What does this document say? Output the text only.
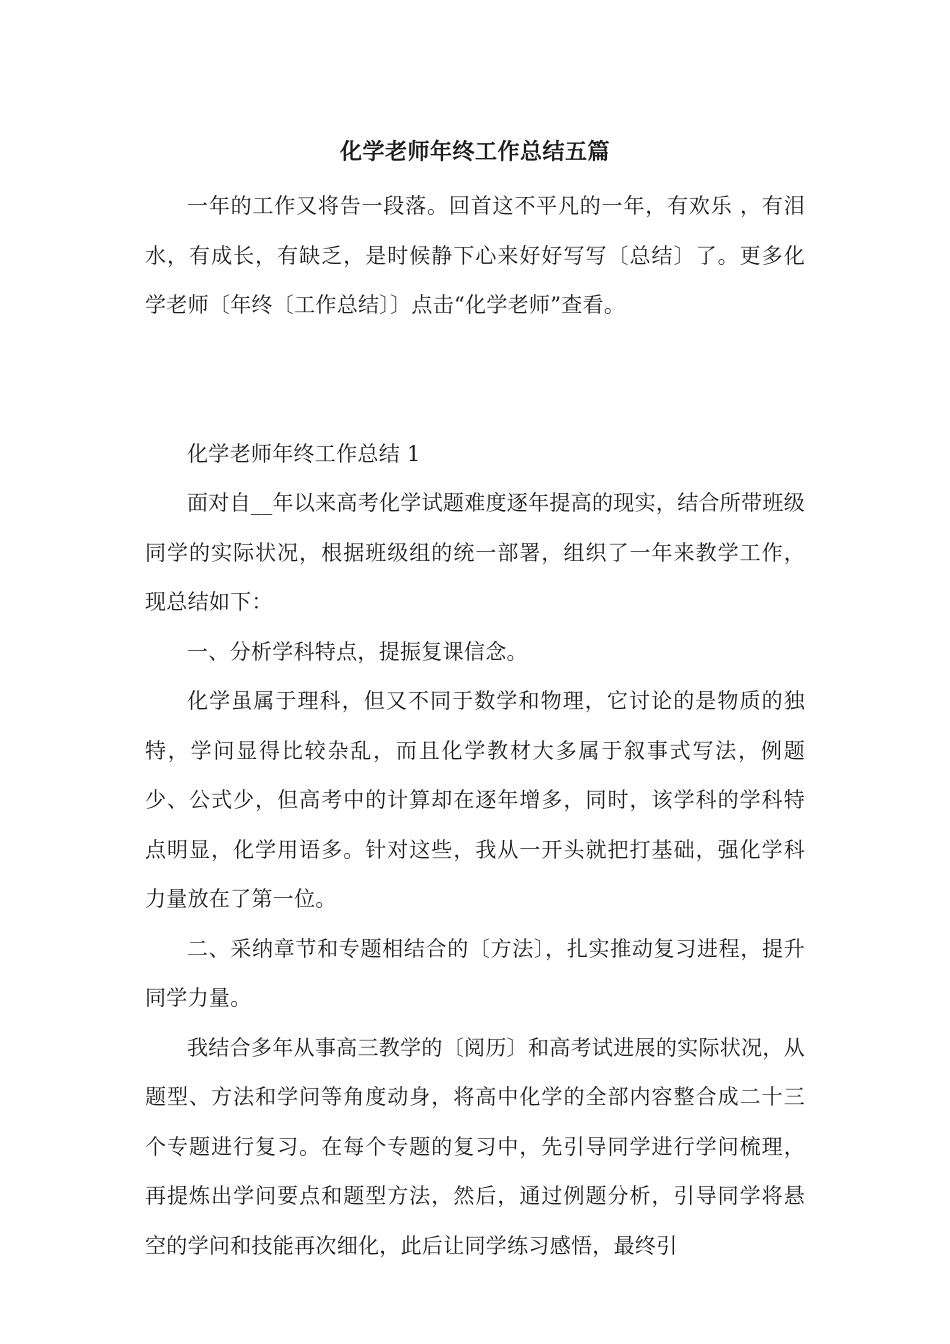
化学老师年终工作总结五篇

一年的工作又将告一段落。回首这不平凡的一年，有欢乐 ，有泪水，有成长，有缺乏，是时候静下心来好好写写〔总结〕了。更多化学老师〔年终〔工作总结〕〕点击“化学老师”查看。

化学老师年终工作总结 1

面对自__年以来高考化学试题难度逐年提高的现实，结合所带班级同学的实际状况，根据班级组的统一部署，组织了一年来教学工作，现总结如下：

一、分析学科特点，提振复课信念。

化学虽属于理科，但又不同于数学和物理，它讨论的是物质的独特，学问显得比较杂乱，而且化学教材大多属于叙事式写法，例题少、公式少，但高考中的计算却在逐年增多，同时，该学科的学科特点明显，化学用语多。针对这些，我从一开头就把打基础，强化学科力量放在了第一位。

二、采纳章节和专题相结合的〔方法〕，扎实推动复习进程，提升同学力量。

我结合多年从事高三教学的〔阅历〕和高考试进展的实际状况，从题型、方法和学问等角度动身，将高中化学的全部内容整合成二十三个专题进行复习。在每个专题的复习中，先引导同学进行学问梳理，再提炼出学问要点和题型方法，然后，通过例题分析，引导同学将悬空的学问和技能再次细化，此后让同学练习感悟，最终引
